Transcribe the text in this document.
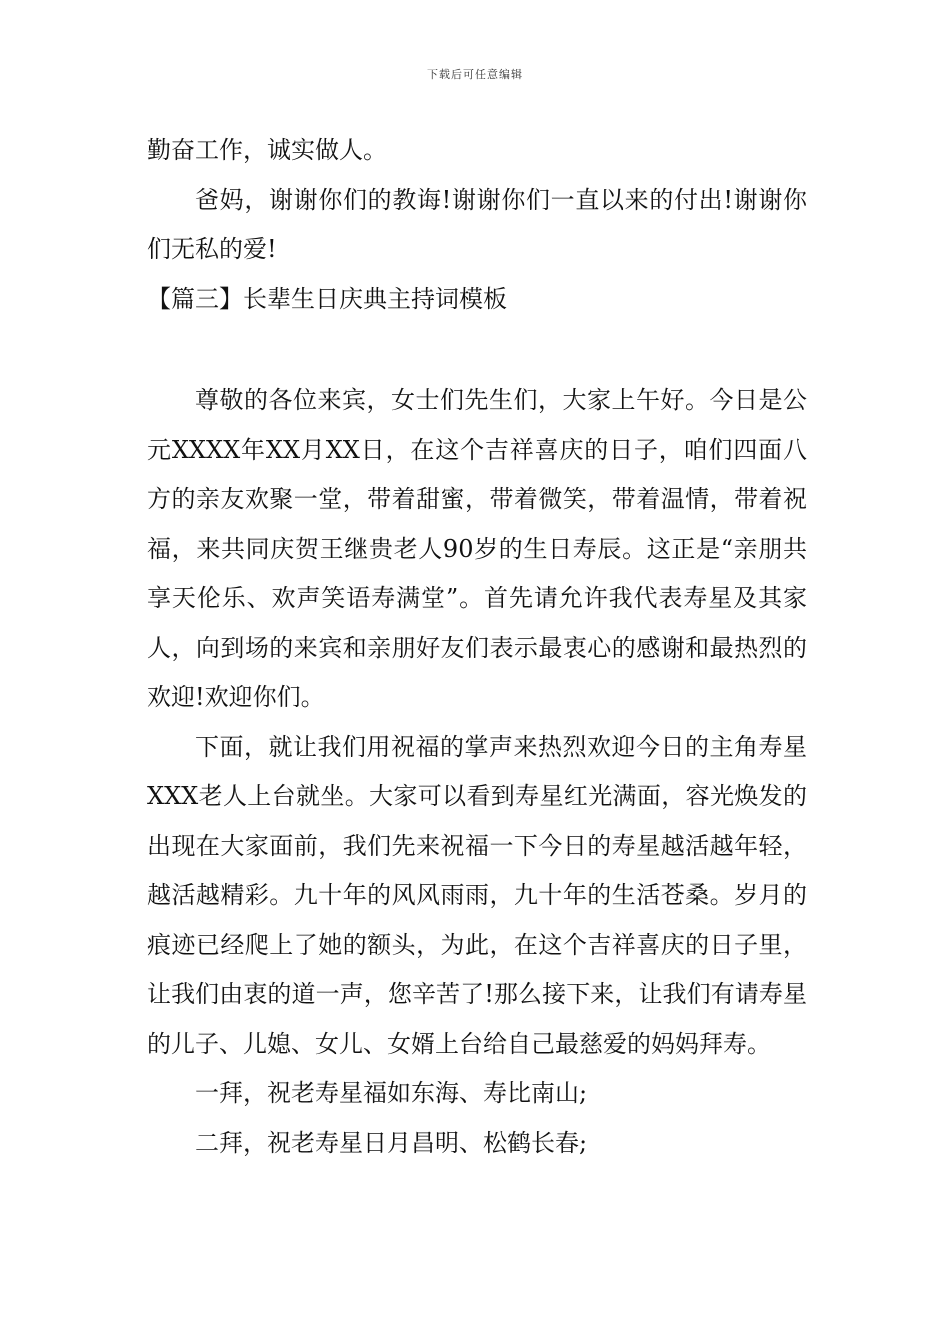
下载后可任意编辑

勤奋工作，诚实做人。

爸妈，谢谢你们的教诲!谢谢你们一直以来的付出!谢谢你们无私的爱!

【篇三】长辈生日庆典主持词模板

尊敬的各位来宾，女士们先生们，大家上午好。今日是公元XXXX年XX月XX日，在这个吉祥喜庆的日子，咱们四面八方的亲友欢聚一堂，带着甜蜜，带着微笑，带着温情，带着祝福，来共同庆贺王继贵老人90岁的生日寿辰。这正是“亲朋共享天伦乐、欢声笑语寿满堂”。首先请允许我代表寿星及其家人，向到场的来宾和亲朋好友们表示最衷心的感谢和最热烈的欢迎!欢迎你们。

下面，就让我们用祝福的掌声来热烈欢迎今日的主角寿星XXX老人上台就坐。大家可以看到寿星红光满面，容光焕发的出现在大家面前，我们先来祝福一下今日的寿星越活越年轻，越活越精彩。九十年的风风雨雨，九十年的生活苍桑。岁月的痕迹已经爬上了她的额头，为此，在这个吉祥喜庆的日子里，让我们由衷的道一声，您辛苦了!那么接下来，让我们有请寿星的儿子、儿媳、女儿、女婿上台给自己最慈爱的妈妈拜寿。

一拜，祝老寿星福如东海、寿比南山;

二拜，祝老寿星日月昌明、松鹤长春;
